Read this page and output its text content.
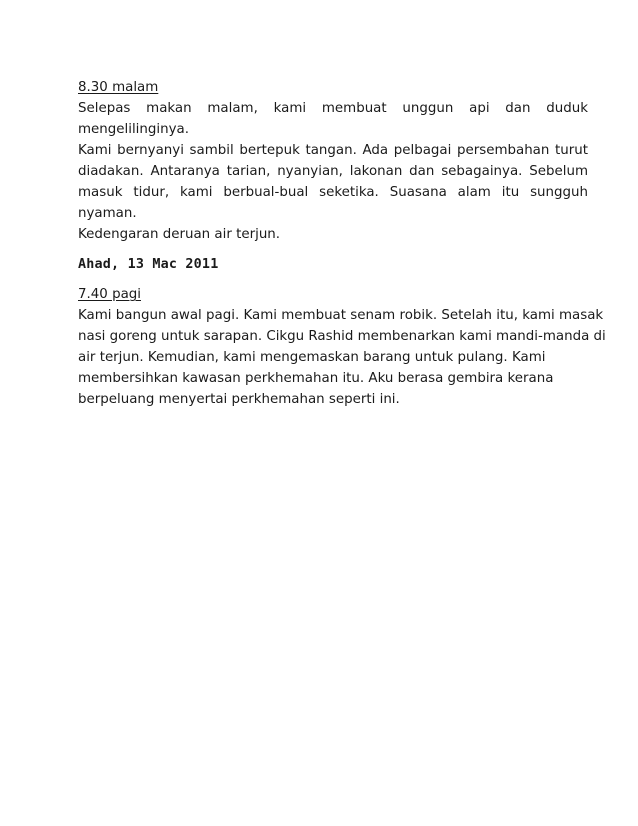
8.30 malam

Selepas makan malam, kami membuat unggun api dan duduk mengelilinginya.
Kami bernyanyi sambil bertepuk tangan. Ada pelbagai persembahan turut
diadakan. Antaranya tarian, nyanyian, lakonan dan sebagainya. Sebelum
masuk tidur, kami berbual-bual seketika. Suasana alam itu sungguh nyaman.
Kedengaran deruan air terjun.

Ahad, 13 Mac 2011

7.40 pagi

Kami bangun awal pagi. Kami membuat senam robik. Setelah itu, kami masak
nasi goreng untuk sarapan. Cikgu Rashid membenarkan kami mandi-manda di
air terjun. Kemudian, kami mengemaskan barang untuk pulang. Kami
membersihkan kawasan perkhemahan itu. Aku berasa gembira kerana
berpeluang menyertai perkhemahan seperti ini.
